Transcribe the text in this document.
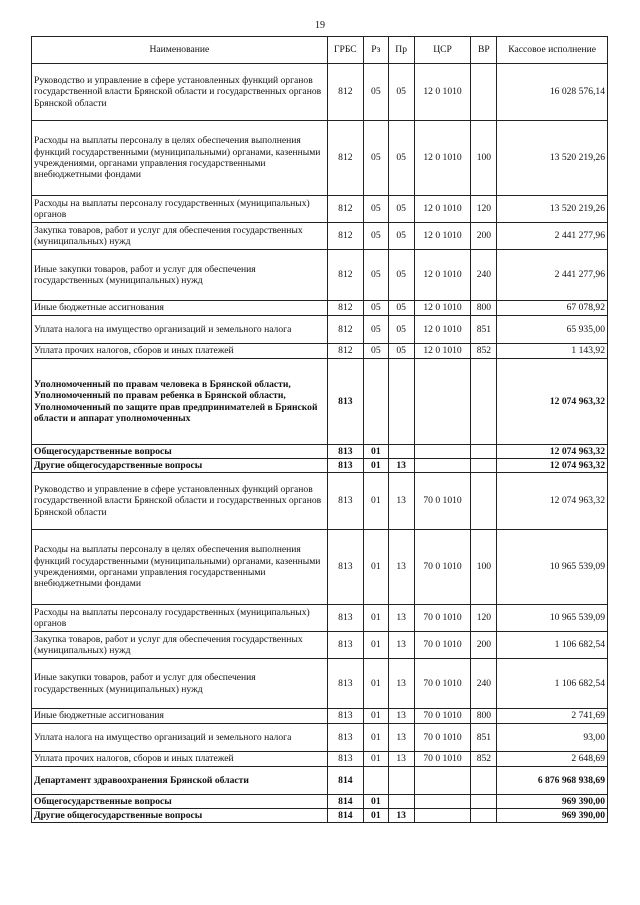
19
Наименование	ГРБС	Рз	Пр	ЦСР	ВР	Кассовое исполнение
Руководство и управление в сфере установленных функций органов государственной власти Брянской области и государственных органов Брянской области	812	05	05	12 0 1010		16 028 576,14
Расходы на выплаты персоналу в целях обеспечения выполнения функций государственными (муниципальными) органами, казенными учреждениями, органами управления государственными внебюджетными фондами	812	05	05	12 0 1010	100	13 520 219,26
Расходы на выплаты персоналу государственных (муниципальных) органов	812	05	05	12 0 1010	120	13 520 219,26
Закупка товаров, работ и услуг для обеспечения государственных (муниципальных) нужд	812	05	05	12 0 1010	200	2 441 277,96
Иные закупки товаров, работ и услуг для обеспечения государственных (муниципальных) нужд	812	05	05	12 0 1010	240	2 441 277,96
Иные бюджетные ассигнования	812	05	05	12 0 1010	800	67 078,92
Уплата налога на имущество организаций и земельного налога	812	05	05	12 0 1010	851	65 935,00
Уплата прочих налогов, сборов и иных платежей	812	05	05	12 0 1010	852	1 143,92
Уполномоченный по правам человека в Брянской области, Уполномоченный по правам ребенка в Брянской области, Уполномоченный по защите прав предпринимателей в Брянской области и аппарат уполномоченных	813					12 074 963,32
Общегосударственные вопросы	813	01				12 074 963,32
Другие общегосударственные вопросы	813	01	13			12 074 963,32
Руководство и управление в сфере установленных функций органов государственной власти Брянской области и государственных органов Брянской области	813	01	13	70 0 1010		12 074 963,32
Расходы на выплаты персоналу в целях обеспечения выполнения функций государственными (муниципальными) органами, казенными учреждениями, органами управления государственными внебюджетными фондами	813	01	13	70 0 1010	100	10 965 539,09
Расходы на выплаты персоналу государственных (муниципальных) органов	813	01	13	70 0 1010	120	10 965 539,09
Закупка товаров, работ и услуг для обеспечения государственных (муниципальных) нужд	813	01	13	70 0 1010	200	1 106 682,54
Иные закупки товаров, работ и услуг для обеспечения государственных (муниципальных) нужд	813	01	13	70 0 1010	240	1 106 682,54
Иные бюджетные ассигнования	813	01	13	70 0 1010	800	2 741,69
Уплата налога на имущество организаций и земельного налога	813	01	13	70 0 1010	851	93,00
Уплата прочих налогов, сборов и иных платежей	813	01	13	70 0 1010	852	2 648,69
Департамент здравоохранения Брянской области	814					6 876 968 938,69
Общегосударственные вопросы	814	01				969 390,00
Другие общегосударственные вопросы	814	01	13			969 390,00
